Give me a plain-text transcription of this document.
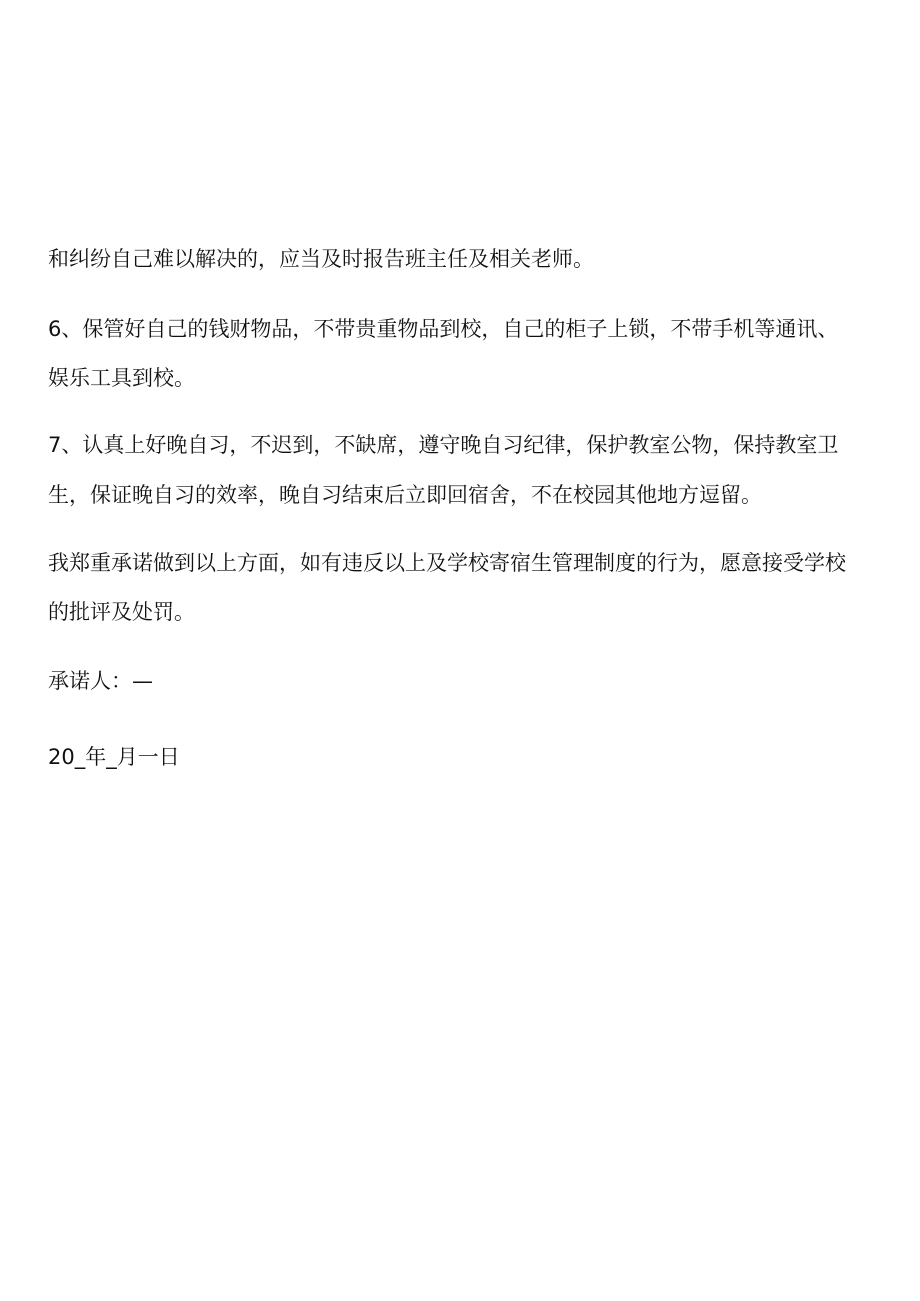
和纠纷自己难以解决的，应当及时报告班主任及相关老师。
6、保管好自己的钱财物品，不带贵重物品到校，自己的柜子上锁，不带手机等通讯、
娱乐工具到校。
7、认真上好晚自习，不迟到，不缺席，遵守晚自习纪律，保护教室公物，保持教室卫
生，保证晚自习的效率，晚自习结束后立即回宿舍，不在校园其他地方逗留。
我郑重承诺做到以上方面，如有违反以上及学校寄宿生管理制度的行为，愿意接受学校
的批评及处罚。
承诺人：—
20_年_月一日
